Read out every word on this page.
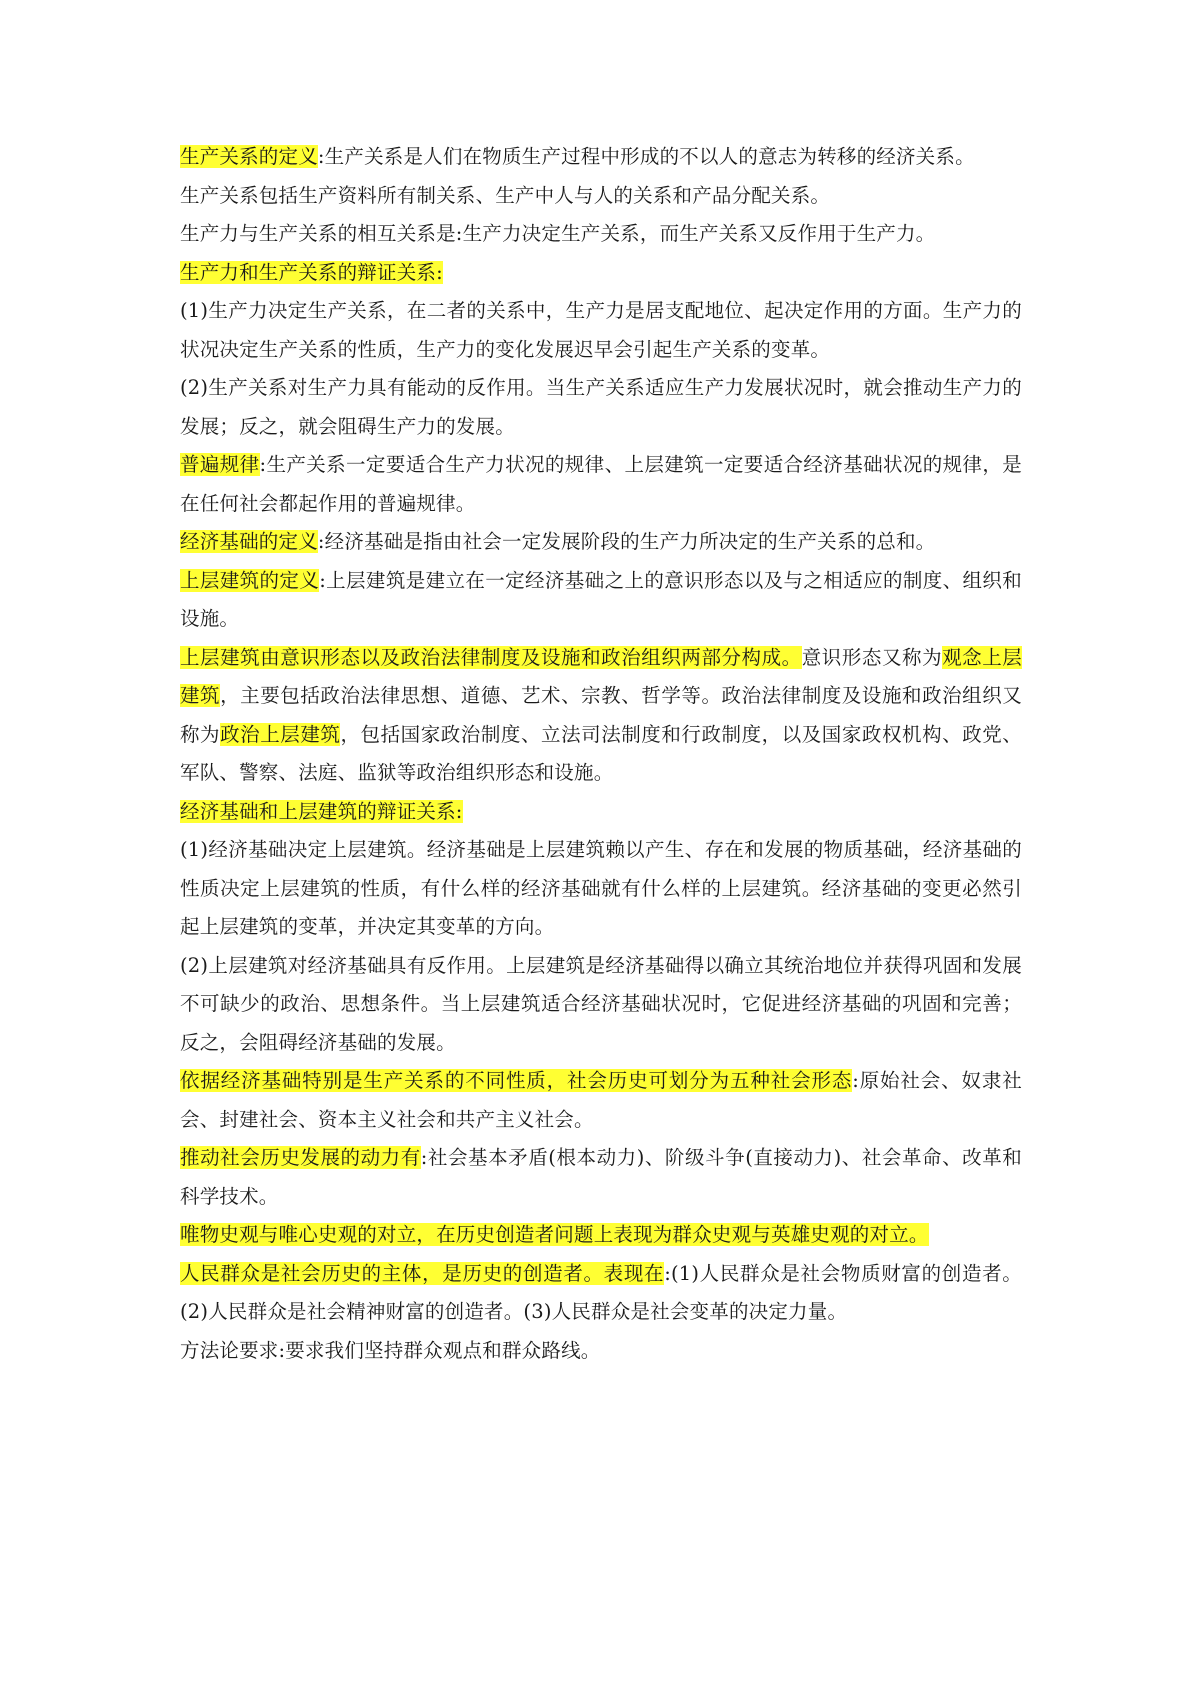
生产关系的定义:生产关系是人们在物质生产过程中形成的不以人的意志为转移的经济关系。

生产关系包括生产资料所有制关系、生产中人与人的关系和产品分配关系。

生产力与生产关系的相互关系是:生产力决定生产关系，而生产关系又反作用于生产力。

生产力和生产关系的辩证关系:

(1)生产力决定生产关系，在二者的关系中，生产力是居支配地位、起决定作用的方面。生产力的状况决定生产关系的性质，生产力的变化发展迟早会引起生产关系的变革。

(2)生产关系对生产力具有能动的反作用。当生产关系适应生产力发展状况时，就会推动生产力的发展；反之，就会阻碍生产力的发展。

普遍规律:生产关系一定要适合生产力状况的规律、上层建筑一定要适合经济基础状况的规律，是在任何社会都起作用的普遍规律。

经济基础的定义:经济基础是指由社会一定发展阶段的生产力所决定的生产关系的总和。

上层建筑的定义:上层建筑是建立在一定经济基础之上的意识形态以及与之相适应的制度、组织和设施。

上层建筑由意识形态以及政治法律制度及设施和政治组织两部分构成。意识形态又称为观念上层建筑，主要包括政治法律思想、道德、艺术、宗教、哲学等。政治法律制度及设施和政治组织又称为政治上层建筑，包括国家政治制度、立法司法制度和行政制度，以及国家政权机构、政党、军队、警察、法庭、监狱等政治组织形态和设施。

经济基础和上层建筑的辩证关系:

(1)经济基础决定上层建筑。经济基础是上层建筑赖以产生、存在和发展的物质基础，经济基础的性质决定上层建筑的性质，有什么样的经济基础就有什么样的上层建筑。经济基础的变更必然引起上层建筑的变革，并决定其变革的方向。

(2)上层建筑对经济基础具有反作用。上层建筑是经济基础得以确立其统治地位并获得巩固和发展不可缺少的政治、思想条件。当上层建筑适合经济基础状况时，它促进经济基础的巩固和完善；反之，会阻碍经济基础的发展。

依据经济基础特别是生产关系的不同性质，社会历史可划分为五种社会形态:原始社会、奴隶社会、封建社会、资本主义社会和共产主义社会。

推动社会历史发展的动力有:社会基本矛盾(根本动力)、阶级斗争(直接动力)、社会革命、改革和科学技术。

唯物史观与唯心史观的对立，在历史创造者问题上表现为群众史观与英雄史观的对立。

人民群众是社会历史的主体，是历史的创造者。表现在:(1)人民群众是社会物质财富的创造者。(2)人民群众是社会精神财富的创造者。(3)人民群众是社会变革的决定力量。

方法论要求:要求我们坚持群众观点和群众路线。
